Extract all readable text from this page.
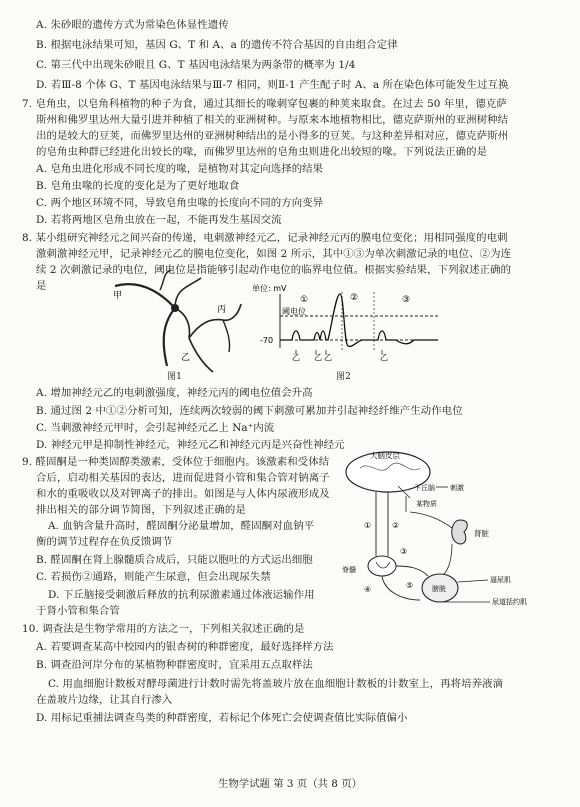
A. 朱砂眼的遗传方式为常染色体显性遗传
B. 根据电泳结果可知，基因 G、T 和 A、a 的遗传不符合基因的自由组合定律
C. 第三代中出现朱砂眼且 G、T 基因电泳结果为两条带的概率为 1/4
D. 若Ⅲ-8 个体 G、T 基因电泳结果与Ⅲ-7 相同，则Ⅱ-1 产生配子时 A、a 所在染色体可能发生过互换
7. 皂角虫，以皂角科植物的种子为食，通过其细长的喙刺穿包裹的种荚来取食。在过去 50 年里，德克萨
斯州和佛罗里达州大量引进并种植了相关的亚洲树种。与原来本地植物相比，德克萨斯州的亚洲树种结
出的是较大的豆荚，而佛罗里达州的亚洲树种结出的是小得多的豆荚。与这种差异相对应，德克萨斯州
的皂角虫种群已经进化出较长的喙，而佛罗里达州的皂角虫则进化出较短的喙。下列说法正确的是
A. 皂角虫进化形成不同长度的喙，是植物对其定向选择的结果
B. 皂角虫喙的长度的变化是为了更好地取食
C. 两个地区环境不同，导致皂角虫喙的长度向不同的方向变异
D. 若将两地区皂角虫放在一起，不能再发生基因交流
8. 某小组研究神经元之间兴奋的传递，电刺激神经元乙，记录神经元丙的膜电位变化；用相同强度的电刺
激刺激神经元甲，记录神经元乙的膜电位变化，如图 2 所示，其中①③为单次刺激记录的电位、②为连
续 2 次刺激记录的电位，阈电位是指能够引起动作电位的临界电位值。根据实验结果，下列叙述正确的
是
甲
乙
丙
图1
单位: mV
阈电位
-70
①	②	③
乙 乙 乙	乙
图2
A. 增加神经元乙的电刺激强度，神经元丙的阈电位值会升高
B. 通过图 2 中①②分析可知，连续两次较弱的阈下刺激可累加并引起神经纤维产生动作电位
C. 当刺激神经元甲时，会引起神经元乙上 Na⁺内流
D. 神经元甲是抑制性神经元，神经元乙和神经元丙是兴奋性神经元
9. 醛固酮是一种类固醇类激素，受体位于细胞内。该激素和受体结
合后，启动相关基因的表达，进而促进肾小管和集合管对钠离子
和水的重吸收以及对钾离子的排出。如图是与人体内尿液形成及
排出相关的部分调节简图，下列叙述正确的是
A. 血钠含量升高时，醛固酮分泌量增加，醛固酮对血钠平
衡的调节过程存在负反馈调节
B. 醛固酮在肾上腺髓质合成后，只能以胞吐的方式运出细胞
C. 若损伤②通路，则能产生尿意，但会出现尿失禁
D. 下丘脑接受刺激后释放的抗利尿激素通过体液运输作用
于肾小管和集合管
大脑皮层
下丘脑 刺激
某物质
①	②
肾脏
脊髓
③
④	⑤	膀胱
逼尿肌
尿道括约肌
10. 调查法是生物学常用的方法之一，下列相关叙述正确的是
A. 若要调查某高中校园内的银杏树的种群密度，最好选择样方法
B. 调查沿河岸分布的某植物种群密度时，宜采用五点取样法
C. 用血细胞计数板对酵母菌进行计数时需先将盖玻片放在血细胞计数板的计数室上，再将培养液滴
在盖玻片边缘，让其自行渗入
D. 用标记重捕法调查鸟类的种群密度，若标记个体死亡会使调查值比实际值偏小
生物学试题 第 3 页（共 8 页）
